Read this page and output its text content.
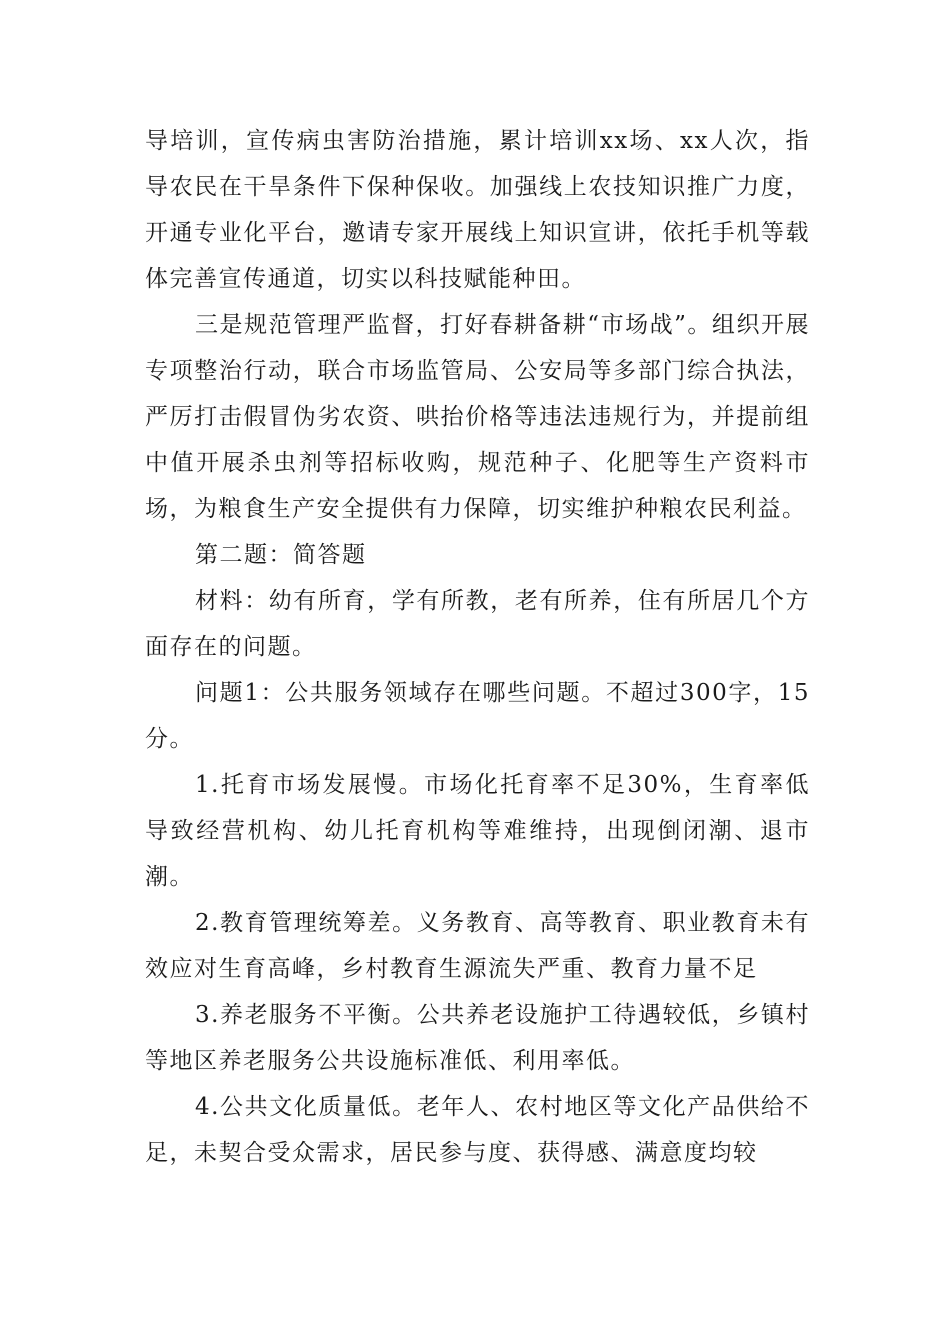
导培训，宣传病虫害防治措施，累计培训xx场、xx人次，指导农民在干旱条件下保种保收。加强线上农技知识推广力度，开通专业化平台，邀请专家开展线上知识宣讲，依托手机等载体完善宣传通道，切实以科技赋能种田。

三是规范管理严监督，打好春耕备耕“市场战”。组织开展专项整治行动，联合市场监管局、公安局等多部门综合执法，严厉打击假冒伪劣农资、哄抬价格等违法违规行为，并提前组中值开展杀虫剂等招标收购，规范种子、化肥等生产资料市场，为粮食生产安全提供有力保障，切实维护种粮农民利益。

第二题：简答题

材料：幼有所育，学有所教，老有所养，住有所居几个方面存在的问题。

问题1：公共服务领域存在哪些问题。不超过300字，15分。

1.托育市场发展慢。市场化托育率不足30%，生育率低导致经营机构、幼儿托育机构等难维持，出现倒闭潮、退市潮。

2.教育管理统筹差。义务教育、高等教育、职业教育未有效应对生育高峰，乡村教育生源流失严重、教育力量不足

3.养老服务不平衡。公共养老设施护工待遇较低，乡镇村等地区养老服务公共设施标准低、利用率低。

4.公共文化质量低。老年人、农村地区等文化产品供给不足，未契合受众需求，居民参与度、获得感、满意度均较
